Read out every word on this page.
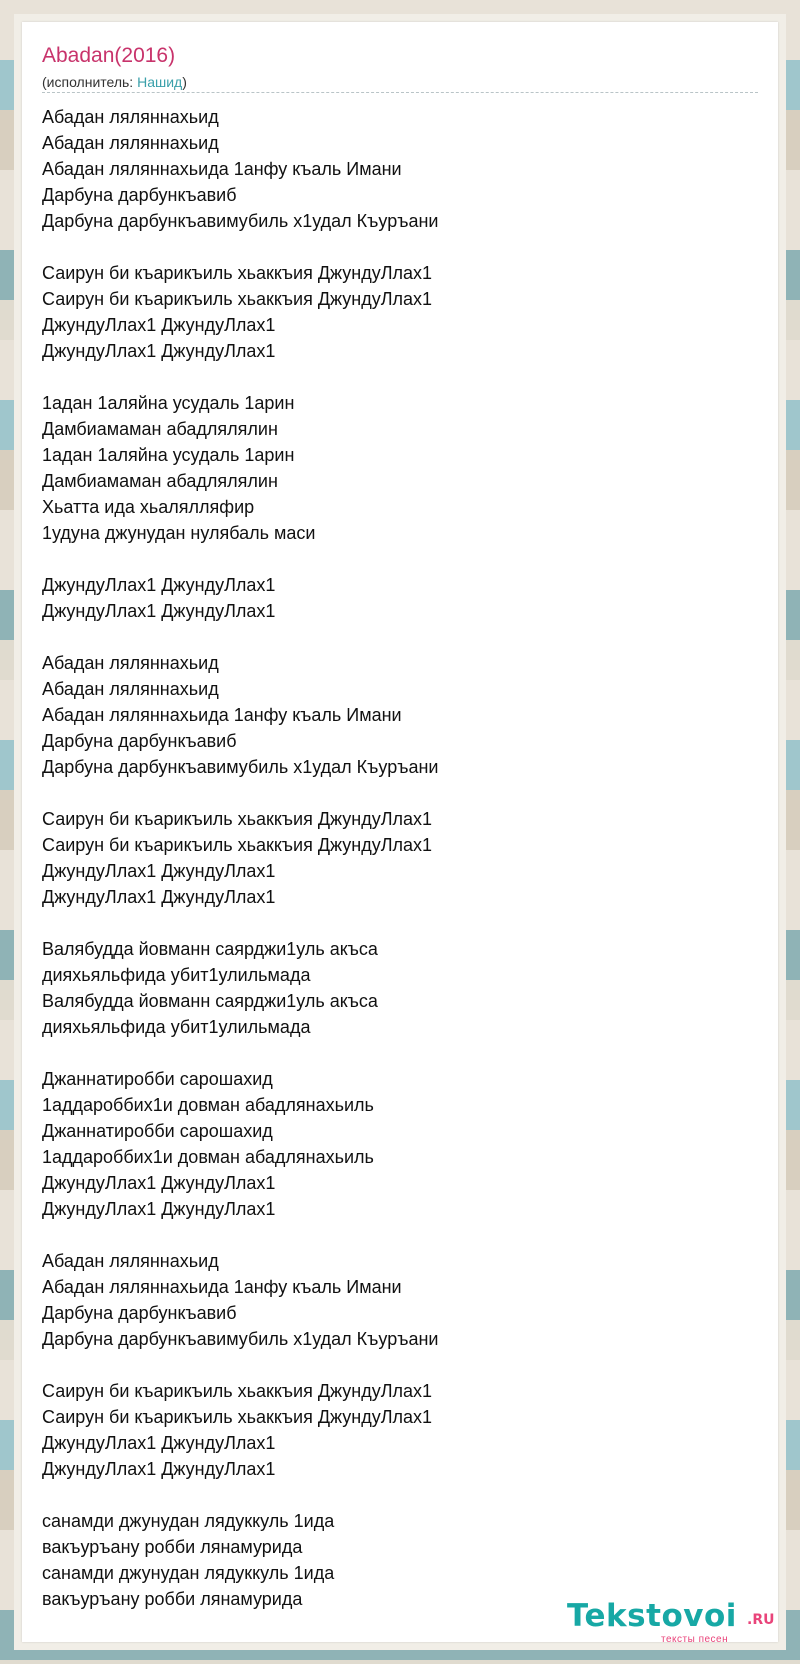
Abadan(2016)
(исполнитель: Нашид)
Абадан ляляннахьид
Абадан ляляннахьид
Абадан ляляннахьида 1анфу къаль Имани
Дарбуна дарбункъавиб
Дарбуна дарбункъавимубиль х1удал Къуръани
Саирун би къарикъиль хьаккъия ДжундуЛлах1
Саирун би къарикъиль хьаккъия ДжундуЛлах1
ДжундуЛлах1 ДжундуЛлах1
ДжундуЛлах1 ДжундуЛлах1
1адан 1аляйна усудаль 1арин
Дамбиамаман абадлялялин
1адан 1аляйна усудаль 1арин
Дамбиамаман абадлялялин
Хьатта ида хьалялляфир
1удуна джунудан нулябаль маси
ДжундуЛлах1 ДжундуЛлах1
ДжундуЛлах1 ДжундуЛлах1
Абадан ляляннахьид
Абадан ляляннахьид
Абадан ляляннахьида 1анфу къаль Имани
Дарбуна дарбункъавиб
Дарбуна дарбункъавимубиль х1удал Къуръани
Саирун би къарикъиль хьаккъия ДжундуЛлах1
Саирун би къарикъиль хьаккъия ДжундуЛлах1
ДжундуЛлах1 ДжундуЛлах1
ДжундуЛлах1 ДжундуЛлах1
Валябудда йовманн саярджи1уль акъса
дияхьяльфида убит1улильмада
Валябудда йовманн саярджи1уль акъса
дияхьяльфида убит1улильмада
Джаннатиробби сарошахид
1аддароббих1и довман абадлянахьиль
Джаннатиробби сарошахид
1аддароббих1и довман абадлянахьиль
ДжундуЛлах1 ДжундуЛлах1
ДжундуЛлах1 ДжундуЛлах1
Абадан ляляннахьид
Абадан ляляннахьида 1анфу къаль Имани
Дарбуна дарбункъавиб
Дарбуна дарбункъавимубиль х1удал Къуръани
Саирун би къарикъиль хьаккъия ДжундуЛлах1
Саирун би къарикъиль хьаккъия ДжундуЛлах1
ДжундуЛлах1 ДжундуЛлах1
ДжундуЛлах1 ДжундуЛлах1
санамди джунудан лядуккуль 1ида
вакъуръану робби лянамурида
санамди джунудан лядуккуль 1ида
вакъуръану робби лянамурида	Tekstovoi .RU
тексты песен
